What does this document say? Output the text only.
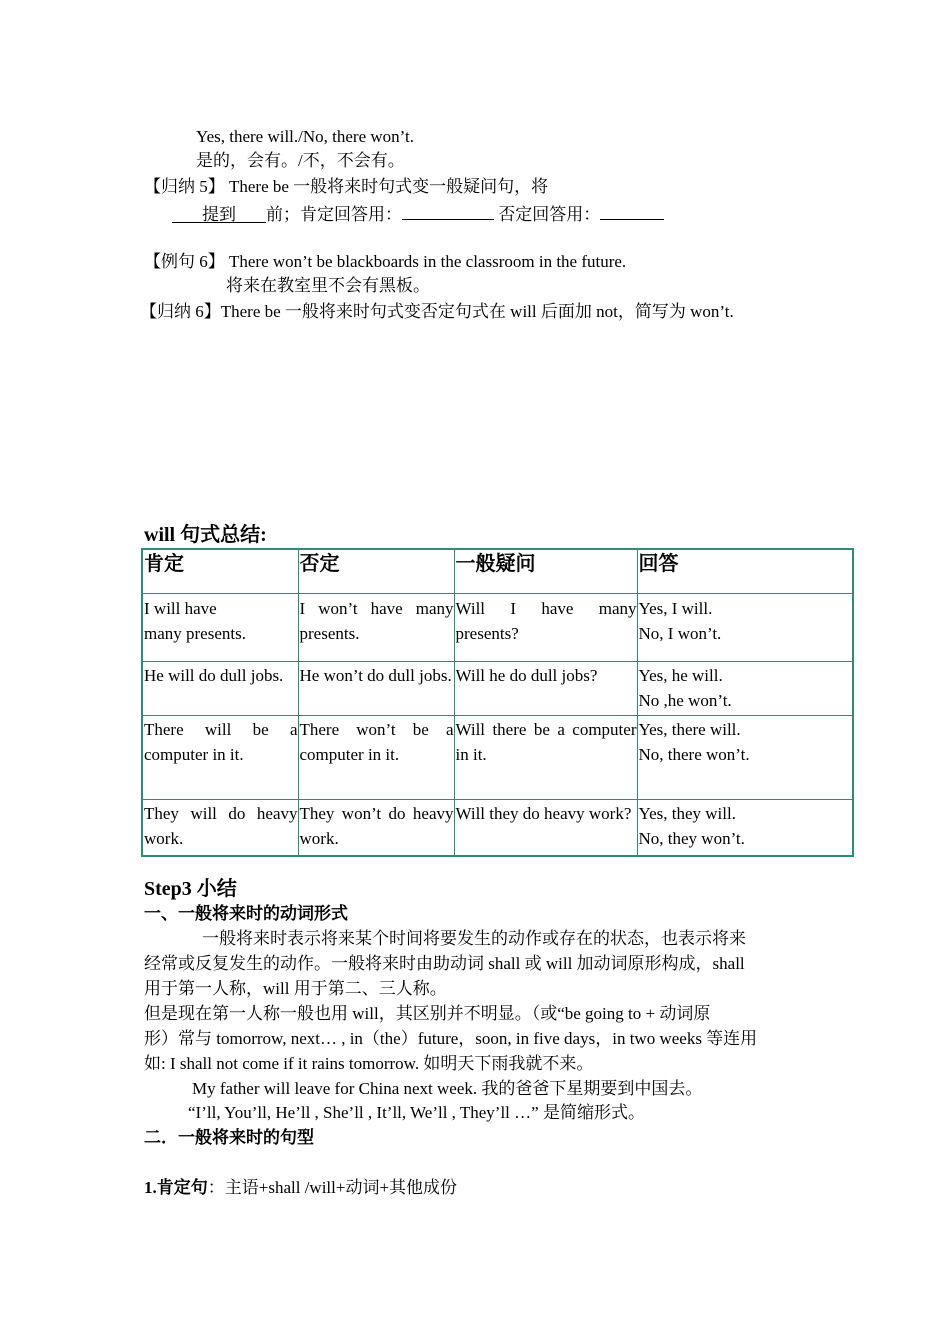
Yes, there will./No, there won’t.
是的，会有。/不，不会有。
【归纳 5】 There be 一般将来时句式变一般疑问句，将
提到 前；肯定回答用：	否定回答用：
【例句 6】 There won’t be blackboards in the classroom in the future.
将来在教室里不会有黑板。
【归纳 6】There be 一般将来时句式变否定句式在 will 后面加 not，简写为 won’t.
will 句式总结:
肯定	否定	一般疑问	回答

I will have
many presents.	I won’t have many presents.	Will I have many presents?	Yes, I will.
No, I won’t.

He will do dull jobs.	He won’t do dull jobs.	Will he do dull jobs?	Yes, he will.
No ,he won’t.

There will be a computer in it.	There won’t be a computer in it.	Will there be a computer in it.	Yes, there will.
No, there won’t.

They will do heavy work.	They won’t do heavy work.	Will they do heavy work?	Yes, they will.
No, they won’t.
Step3 小结
一、一般将来时的动词形式
一般将来时表示将来某个时间将要发生的动作或存在的状态，也表示将来
经常或反复发生的动作。一般将来时由助动词 shall 或 will 加动词原形构成，shall
用于第一人称，will 用于第二、三人称。
但是现在第一人称一般也用 will，其区别并不明显。（或“be going to + 动词原
形）常与 tomorrow, next… , in（the）future，soon, in five days，in two weeks 等连用
如: I shall not come if it rains tomorrow. 如明天下雨我就不来。
My father will leave for China next week. 我的爸爸下星期要到中国去。
“I’ll, You’ll, He’ll , She’ll , It’ll, We’ll , They’ll …” 是简缩形式。
二．一般将来时的句型
1.肯定句：主语+shall /will+动词+其他成份
